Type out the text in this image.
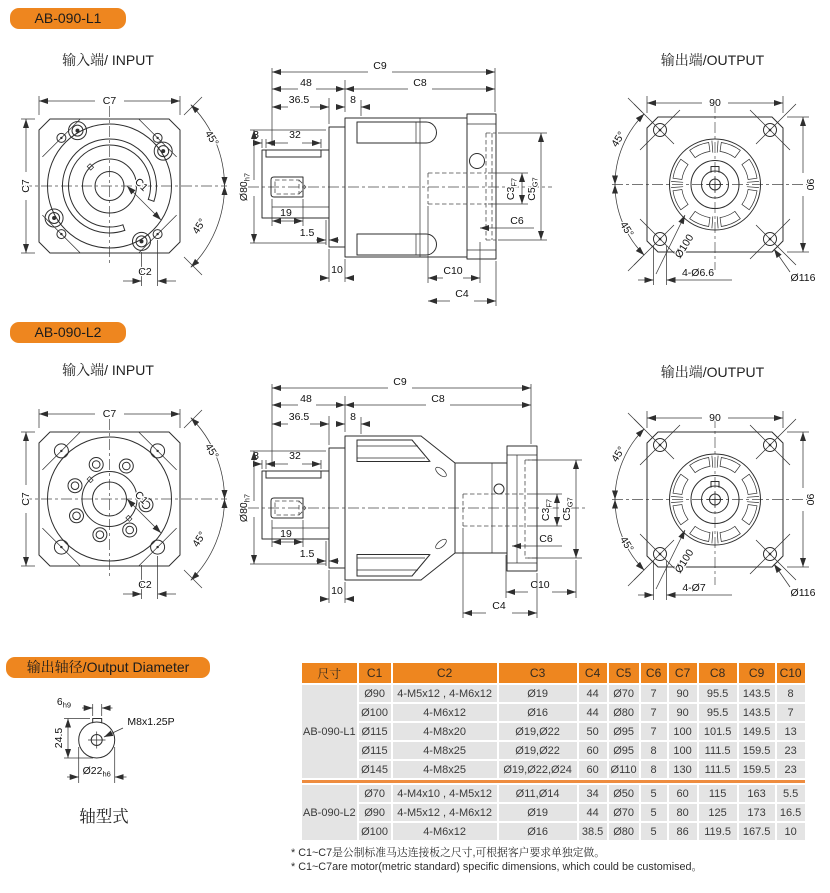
AB-090-L1
输入端/ INPUT	输出端/OUTPUT
C7
C7	C1
45°
45°
C2
C9
48	C8
36.5	8
3	32
$Ø80_{h7}$
19
1.5
10
$C3_{F7}$
$C5_{G7}$
C6
C10
C4
90
90
45°
45°
Ø100
4-Ø6.6	Ø116
AB-090-L2
输入端/ INPUT	输出端/OUTPUT
C7
C7	C1
45°
45°
C2
C9
48	C8
36.5	8
3	32
$Ø80_{h7}$
19
1.5
10
$C3_{F7}$
$C5_{G7}$
C6
C10
C4
90
90
45°
45°
Ø100
4-Ø7	Ø116
输出轴径/Output Diameter
$6_{h9}$
M8x1.25P
24.5
$Ø22_{h6}$
轴型式
尺寸	C1	C2	C3	C4	C5	C6	C7	C8	C9	C10
AB-090-L1	Ø90	4-M5x12 , 4-M6x12	Ø19	44	Ø70	7	90	95.5	143.5	8
	Ø100	4-M6x12	Ø16	44	Ø80	7	90	95.5	143.5	7
	Ø115	4-M8x20	Ø19,Ø22	50	Ø95	7	100	101.5	149.5	13
	Ø115	4-M8x25	Ø19,Ø22	60	Ø95	8	100	111.5	159.5	23
	Ø145	4-M8x25	Ø19,Ø22,Ø24	60	Ø110	8	130	111.5	159.5	23

AB-090-L2	Ø70	4-M4x10 , 4-M5x12	Ø11,Ø14	34	Ø50	5	60	115	163	5.5
	Ø90	4-M5x12 , 4-M6x12	Ø19	44	Ø70	5	80	125	173	16.5
	Ø100	4-M6x12	Ø16	38.5	Ø80	5	86	119.5	167.5	10
* C1~C7是公制标准马达连接板之尺寸,可根据客户要求单独定做。
* C1~C7are motor(metric standard) specific dimensions, which could be customised。
